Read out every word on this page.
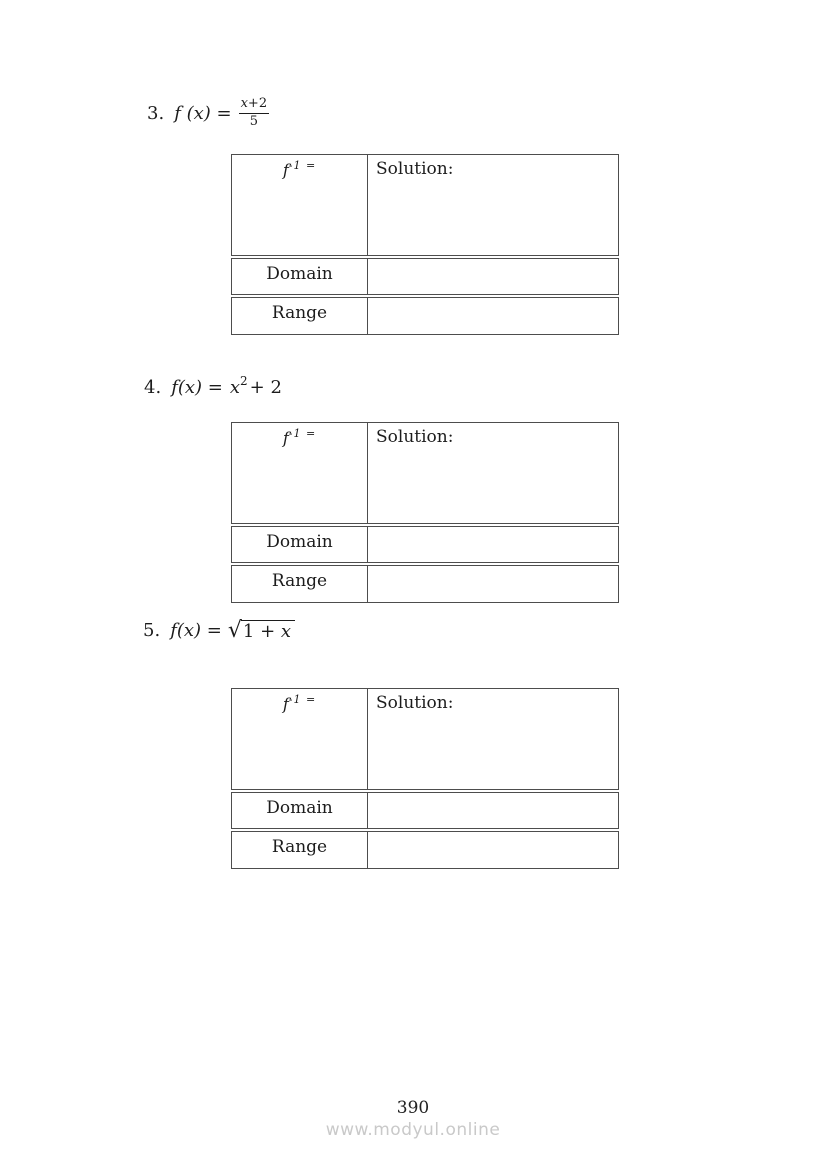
3. f $(x) = \frac{x+2}{5}$
$f^{-1 =}$	Solution:
Domain
Range
4. f(x) = x 2 + 2
$f^{-1 =}$	Solution:
Domain
Range
5. f(x) = √ 1 + x
$f^{-1 =}$	Solution:
Domain
Range
390
www.modyul.online
